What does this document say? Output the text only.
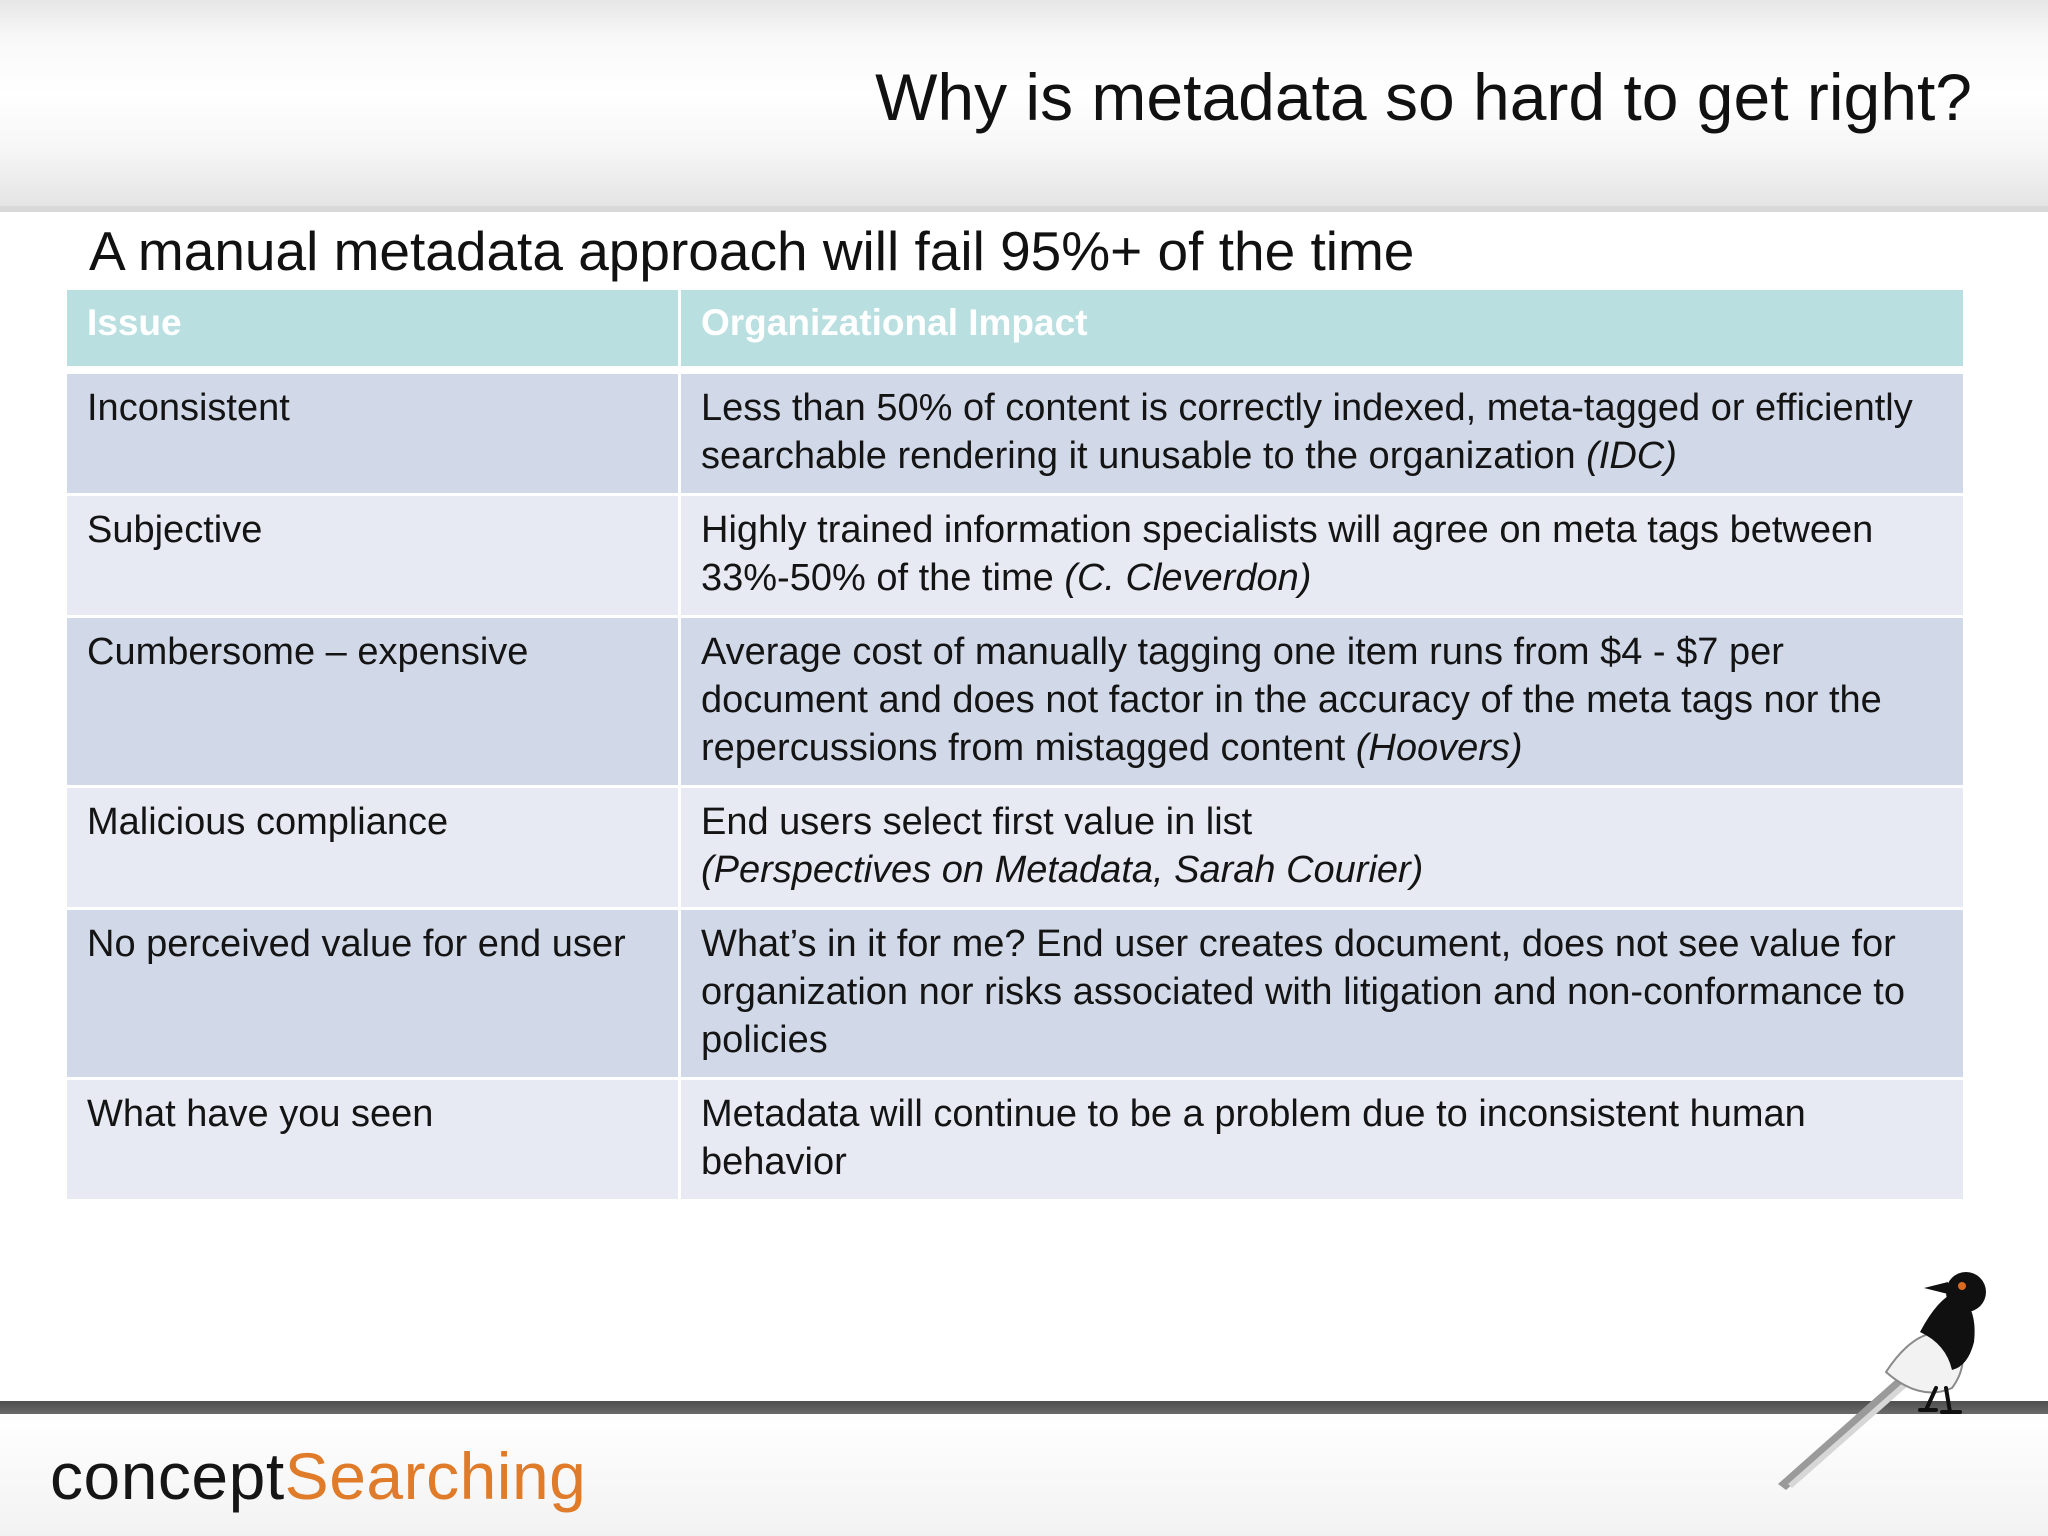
Why is metadata so hard to get right?
A manual metadata approach will fail 95%+ of the time
Issue	Organizational Impact
Inconsistent	Less than 50% of content is correctly indexed, meta-tagged or efficiently searchable rendering it unusable to the organization (IDC)
Subjective	Highly trained information specialists will agree on meta tags between 33%-50% of the time (C. Cleverdon)
Cumbersome – expensive	Average cost of manually tagging one item runs from $4 - $7 per document and does not factor in the accuracy of the meta tags nor the repercussions from mistagged content (Hoovers)
Malicious compliance	End users select first value in list
(Perspectives on Metadata, Sarah Courier)
No perceived value for end user	What’s in it for me? End user creates document, does not see value for organization nor risks associated with litigation and non-conformance to policies
What have you seen	Metadata will continue to be a problem due to inconsistent human behavior
conceptSearching
